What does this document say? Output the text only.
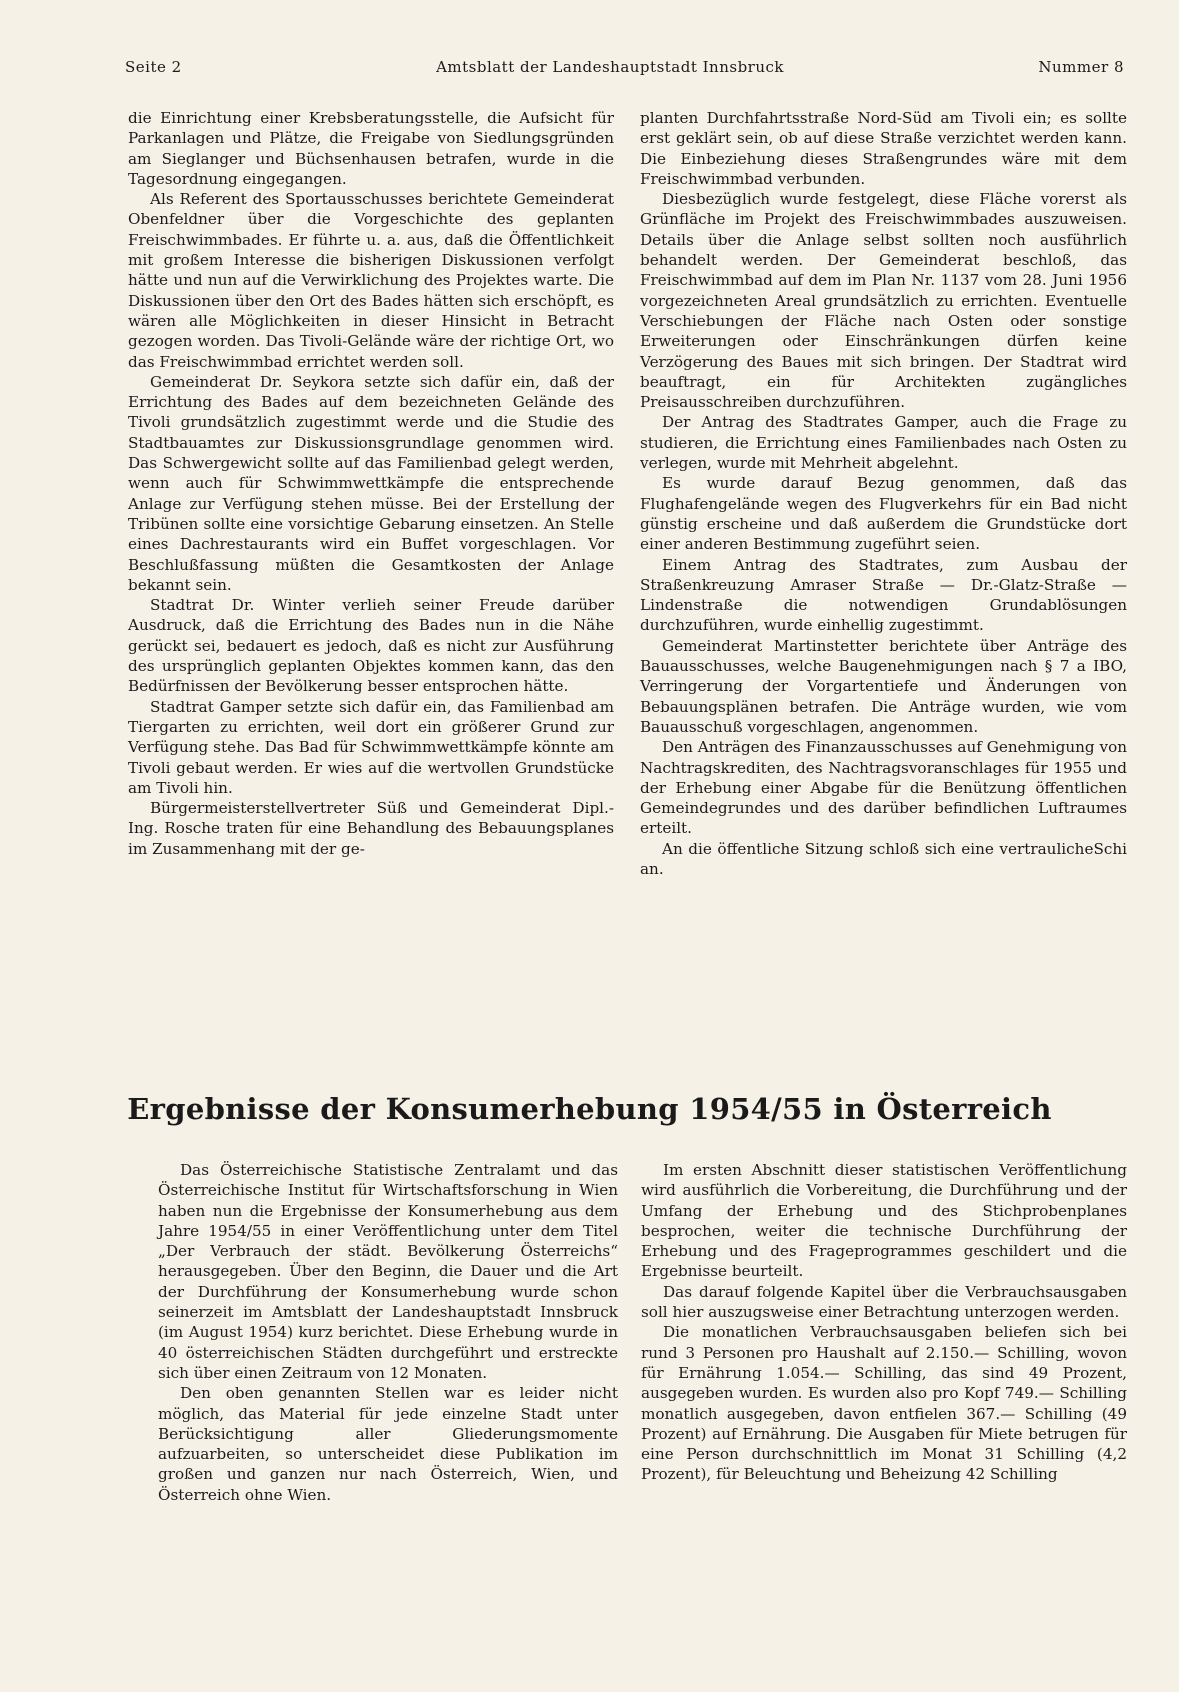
Seite 2	Amtsblatt der Landeshauptstadt Innsbruck	Nummer 8

die Einrichtung einer Krebsberatungsstelle, die Aufsicht für Parkanlagen und Plätze, die Freigabe von Siedlungsgründen am Sieglanger und Büchsenhausen betrafen, wurde in die Tagesordnung eingegangen.

Als Referent des Sportausschusses berichtete Gemeinderat Obenfeldner über die Vorgeschichte des geplanten Freischwimmbades. Er führte u. a. aus, daß die Öffentlichkeit mit großem Interesse die bisherigen Diskussionen verfolgt hätte und nun auf die Verwirklichung des Projektes warte. Die Diskussionen über den Ort des Bades hätten sich erschöpft, es wären alle Möglichkeiten in dieser Hinsicht in Betracht gezogen worden. Das Tivoli-Gelände wäre der richtige Ort, wo das Freischwimmbad errichtet werden soll.

Gemeinderat Dr. Seykora setzte sich dafür ein, daß der Errichtung des Bades auf dem bezeichneten Gelände des Tivoli grundsätzlich zugestimmt werde und die Studie des Stadtbauamtes zur Diskussionsgrundlage genommen wird. Das Schwergewicht sollte auf das Familienbad gelegt werden, wenn auch für Schwimmwettkämpfe die entsprechende Anlage zur Verfügung stehen müsse. Bei der Erstellung der Tribünen sollte eine vorsichtige Gebarung einsetzen. An Stelle eines Dachrestaurants wird ein Buffet vorgeschlagen. Vor Beschlußfassung müßten die Gesamtkosten der Anlage bekannt sein.

Stadtrat Dr. Winter verlieh seiner Freude darüber Ausdruck, daß die Errichtung des Bades nun in die Nähe gerückt sei, bedauert es jedoch, daß es nicht zur Ausführung des ursprünglich geplanten Objektes kommen kann, das den Bedürfnissen der Bevölkerung besser entsprochen hätte.

Stadtrat Gamper setzte sich dafür ein, das Familienbad am Tiergarten zu errichten, weil dort ein größerer Grund zur Verfügung stehe. Das Bad für Schwimmwettkämpfe könnte am Tivoli gebaut werden. Er wies auf die wertvollen Grundstücke am Tivoli hin.

Bürgermeisterstellvertreter Süß und Gemeinderat Dipl.-Ing. Rosche traten für eine Behandlung des Bebauungsplanes im Zusammenhang mit der ge-

planten Durchfahrtsstraße Nord-Süd am Tivoli ein; es sollte erst geklärt sein, ob auf diese Straße verzichtet werden kann. Die Einbeziehung dieses Straßengrundes wäre mit dem Freischwimmbad verbunden.

Diesbezüglich wurde festgelegt, diese Fläche vorerst als Grünfläche im Projekt des Freischwimmbades auszuweisen. Details über die Anlage selbst sollten noch ausführlich behandelt werden. Der Gemeinderat beschloß, das Freischwimmbad auf dem im Plan Nr. 1137 vom 28. Juni 1956 vorgezeichneten Areal grundsätzlich zu errichten. Eventuelle Verschiebungen der Fläche nach Osten oder sonstige Erweiterungen oder Einschränkungen dürfen keine Verzögerung des Baues mit sich bringen. Der Stadtrat wird beauftragt, ein für Architekten zugängliches Preisausschreiben durchzuführen.

Der Antrag des Stadtrates Gamper, auch die Frage zu studieren, die Errichtung eines Familienbades nach Osten zu verlegen, wurde mit Mehrheit abgelehnt.

Es wurde darauf Bezug genommen, daß das Flughafengelände wegen des Flugverkehrs für ein Bad nicht günstig erscheine und daß außerdem die Grundstücke dort einer anderen Bestimmung zugeführt seien.

Einem Antrag des Stadtrates, zum Ausbau der Straßenkreuzung Amraser Straße — Dr.-Glatz-Straße — Lindenstraße die notwendigen Grundablösungen durchzuführen, wurde einhellig zugestimmt.

Gemeinderat Martinstetter berichtete über Anträge des Bauausschusses, welche Baugenehmigungen nach § 7 a IBO, Verringerung der Vorgartentiefe und Änderungen von Bebauungsplänen betrafen. Die Anträge wurden, wie vom Bauausschuß vorgeschlagen, angenommen.

Den Anträgen des Finanzausschusses auf Genehmigung von Nachtragskrediten, des Nachtragsvoranschlages für 1955 und der Erhebung einer Abgabe für die Benützung öffentlichen Gemeindegrundes und des darüber befindlichen Luftraumes erteilt.

An die öffentliche Sitzung schloß sich eine vertrauliche an.

Schi
Ergebnisse der Konsumerhebung 1954/55 in Österreich

Das Österreichische Statistische Zentralamt und das Österreichische Institut für Wirtschaftsforschung in Wien haben nun die Ergebnisse der Konsumerhebung aus dem Jahre 1954/55 in einer Veröffentlichung unter dem Titel „Der Verbrauch der städt. Bevölkerung Österreichs“ herausgegeben. Über den Beginn, die Dauer und die Art der Durchführung der Konsumerhebung wurde schon seinerzeit im Amtsblatt der Landeshauptstadt Innsbruck (im August 1954) kurz berichtet. Diese Erhebung wurde in 40 österreichischen Städten durchgeführt und erstreckte sich über einen Zeitraum von 12 Monaten.

Den oben genannten Stellen war es leider nicht möglich, das Material für jede einzelne Stadt unter Berücksichtigung aller Gliederungsmomente aufzuarbeiten, so unterscheidet diese Publikation im großen und ganzen nur nach Österreich, Wien, und Österreich ohne Wien.

Im ersten Abschnitt dieser statistischen Veröffentlichung wird ausführlich die Vorbereitung, die Durchführung und der Umfang der Erhebung und des Stichprobenplanes besprochen, weiter die technische Durchführung der Erhebung und des Frageprogrammes geschildert und die Ergebnisse beurteilt.

Das darauf folgende Kapitel über die Verbrauchsausgaben soll hier auszugsweise einer Betrachtung unterzogen werden.

Die monatlichen Verbrauchsausgaben beliefen sich bei rund 3 Personen pro Haushalt auf 2.150.— Schilling, wovon für Ernährung 1.054.— Schilling, das sind 49 Prozent, ausgegeben wurden. Es wurden also pro Kopf 749.— Schilling monatlich ausgegeben, davon entfielen 367.— Schilling (49 Prozent) auf Ernährung. Die Ausgaben für Miete betrugen für eine Person durchschnittlich im Monat 31 Schilling (4,2 Prozent), für Beleuchtung und Beheizung 42 Schilling
